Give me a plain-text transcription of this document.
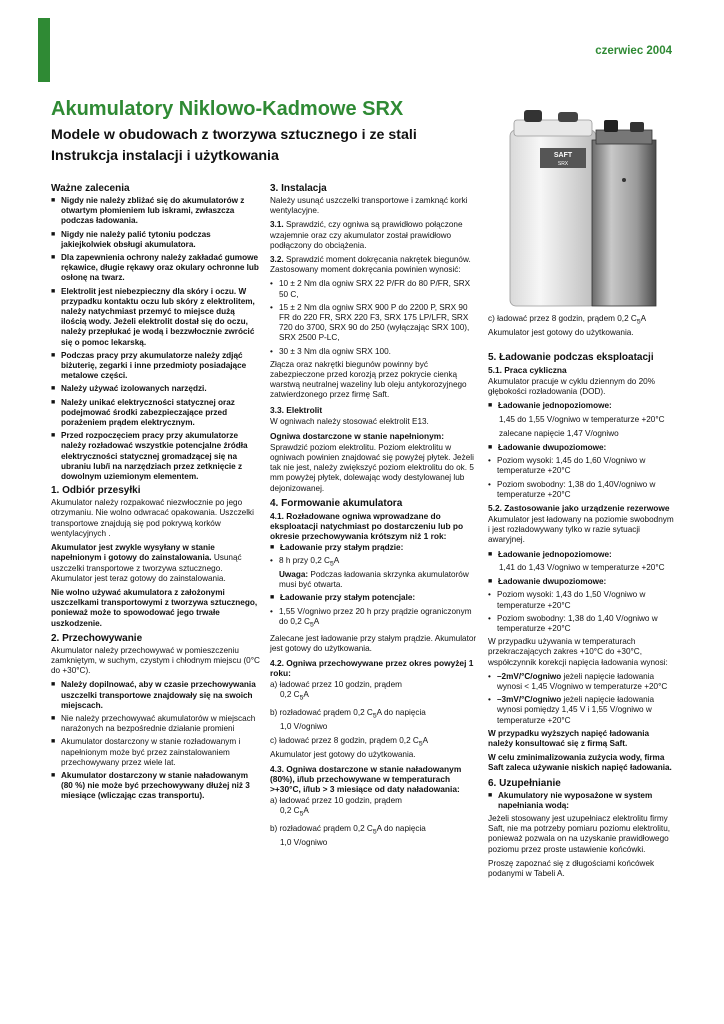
czerwiec 2004
Akumulatory Niklowo-Kadmowe SRX
Modele w obudowach z tworzywa sztucznego i ze stali
Instrukcja instalacji i użytkowania	SAFT
SRX
Ważne zalecenia
■ Nigdy nie należy zbliżać się do akumulatorów z otwartym płomieniem lub iskrami, zwłaszcza podczas ładowania.
■ Nigdy nie należy palić tytoniu podczas jakiejkolwiek obsługi akumulatora.
■ Dla zapewnienia ochrony należy zakładać gumowe rękawice, długie rękawy oraz okulary ochronne lub osłonę na twarz.
■ Elektrolit jest niebezpieczny dla skóry i oczu. W przypadku kontaktu oczu lub skóry z elektrolitem, należy natychmiast przemyć to miejsce dużą ilością wody. Jeżeli elektrolit dostał się do oczu, należy przepłukać je wodą i bezzwłocznie zwrócić się o pomoc lekarską.
■ Podczas pracy przy akumulatorze należy zdjąć biżuterię, zegarki i inne przedmioty posiadające metalowe części.
■ Należy używać izolowanych narzędzi.
■ Należy unikać elektryczności statycznej oraz podejmować środki zabezpieczające przed porażeniem prądem elektrycznym.
■ Przed rozpoczęciem pracy przy akumulatorze należy rozładować wszystkie potencjalne źródła elektryczności statycznej gromadzącej się na ubraniu lub/i na narzędziach przez zetknięcie z dowolnym uziemionym elementem.
1. Odbiór przesyłki

Akumulator należy rozpakować niezwłocznie po jego otrzymaniu. Nie wolno odwracać opakowania. Uszczelki transportowe znajdują się pod pokrywą korków wentylacyjnych .

Akumulator jest zwykle wysyłany w stanie napełnionym i gotowy do zainstalowania. Usunąć uszczelki transportowe z tworzywa sztucznego. Akumulator jest teraz gotowy do zainstalowania.

Nie wolno używać akumulatora z założonymi uszczelkami transportowymi z tworzywa sztucznego, ponieważ może to spowodować jego trwałe uszkodzenie.

2. Przechowywanie

Akumulator należy przechowywać w pomieszczeniu zamkniętym, w suchym, czystym i chłodnym miejscu (0°C do +30°C).

■ Należy dopilnować, aby w czasie przechowywania uszczelki transportowe znajdowały się na swoich miejscach.
■ Nie należy przechowywać akumulatorów w miejscach narażonych na bezpośrednie działanie promieni
■ Akumulator dostarczony w stanie rozładowanym i napełnionym może być przez zainstalowaniem przechowywany przez wiele lat.
■ Akumulator dostarczony w stanie naładowanym (80 %) nie może być przechowywany dłużej niż 3 miesiące (wliczając czas transportu).
3. Instalacja

Należy usunąć uszczelki transportowe i zamknąć korki wentylacyjne.

3.1. Sprawdzić, czy ogniwa są prawidłowo połączone wzajemnie oraz czy akumulator został prawidłowo podłączony do obciążenia.

3.2. Sprawdzić moment dokręcania nakrętek biegunów. Zastosowany moment dokręcania powinien wynosić:

• 10 ± 2 Nm dla ogniw SRX 22 P/FR do 80 P/FR, SRX 50 C,
• 15 ± 2 Nm dla ogniw SRX 900 P do 2200 P, SRX 90 FR do 220 FR, SRX 220 F3, SRX 175 LP/LFR, SRX 720 do 3700, SRX 90 do 250 (wyłączając SRX 100), SRX 2500 P-LC,
• 30 ± 3 Nm dla ogniw SRX 100.

Złącza oraz nakrętki biegunów powinny być zabezpieczone przed korozją przez pokrycie cienką warstwą neutralnej wazeliny lub oleju antykorozyjnego zatwierdzonego przez firmę Saft.

3.3. Elektrolit

W ogniwach należy stosować elektrolit E13.

Ogniwa dostarczone w stanie napełnionym:

Sprawdzić poziom elektrolitu. Poziom elektrolitu w ogniwach powinien znajdować się powyżej płytek. Jeżeli tak nie jest, należy zwiększyć poziom elektrolitu do ok. 5 mm powyżej płytek, dolewając wody destylowanej lub dejonizowanej.

4. Formowanie akumulatora
4.1. Rozładowane ogniwa wprowadzane do eksploatacji natychmiast po dostarczeniu lub po okresie przechowywania krótszym niż 1 rok:
■ Ładowanie przy stałym prądzie:
• 8 h przy 0,2 $C_5A$
Uwaga: Podczas ładowania skrzynka akumulatorów musi być otwarta.
■ Ładowanie przy stałym potencjale:
• 1,55 V/ogniwo przez 20 h przy prądzie ograniczonym do 0,2 $C_5A$

Zalecane jest ładowanie przy stałym prądzie. Akumulator jest gotowy do użytkowania.

4.2. Ogniwa przechowywane przez okres powyżej 1 roku:

a) ładować przez 10 godzin, prądem

0,2 $C_5A$

b) rozładować prądem 0,2 $C_5A$ do napięcia

1,0 V/ogniwo

c) ładować przez 8 godzin, prądem 0,2 $C_5A$

Akumulator jest gotowy do użytkowania.

4.3. Ogniwa dostarczone w stanie naładowanym (80%), i/lub przechowywane w temperaturach >+30°C, i/lub > 3 miesiące od daty naładowania:

a) ładować przez 10 godzin, prądem

0,2 $C_5A$

b) rozładować prądem 0,2 $C_5A$ do napięcia

1,0 V/ogniwo

c) ładować przez 8 godzin, prądem 0,2 $C_5A$

Akumulator jest gotowy do użytkowania.

5. Ładowanie podczas eksploatacji
5.1. Praca cykliczna

Akumulator pracuje w cyklu dziennym do 20% głębokości rozładowania (DOD).

■ Ładowanie jednopoziomowe:

1,45 do 1,55 V/ogniwo w temperaturze +20°C

zalecane napięcie 1,47 V/ogniwo

■ Ładowanie dwupoziomowe:
• Poziom wysoki: 1,45 do 1,60 V/ogniwo w temperaturze +20°C
• Poziom swobodny: 1,38 do 1,40V/ogniwo w temperaturze +20°C
5.2. Zastosowanie jako urządzenie rezerwowe

Akumulator jest ładowany na poziomie swobodnym i jest rozładowywany tylko w razie sytuacji awaryjnej.

■ Ładowanie jednopoziomowe:

1,41 do 1,43 V/ogniwo w temperaturze +20°C

■ Ładowanie dwupoziomowe:
• Poziom wysoki: 1,43 do 1,50 V/ogniwo w temperaturze +20°C
• Poziom swobodny: 1,38 do 1,40 V/ogniwo w temperaturze +20°C

W przypadku używania w temperaturach przekraczających zakres +10°C do +30°C, współczynnik korekcji napięcia ładowania wynosi:

• –2mV/°C/ogniwo jeżeli napięcie ładowania wynosi < 1,45 V/ogniwo w temperaturze +20°C
• –3mV/°C/ogniwo jeżeli napięcie ładowania wynosi pomiędzy 1,45 V i 1,55 V/ogniwo w temperaturze +20°C

W przypadku wyższych napięć ładowania należy konsultować się z firmą Saft.

W celu zminimalizowania zużycia wody, firma Saft zaleca używanie niskich napięć ładowania.

6. Uzupełnianie
■ Akumulatory nie wyposażone w system napełniania wodą:

Jeżeli stosowany jest uzupełniacz elektrolitu firmy Saft, nie ma potrzeby pomiaru poziomu elektrolitu, ponieważ pozwala on na uzyskanie prawidłowego poziomu przez proste ustawienie końcówki.

Proszę zapoznać się z długościami końcówek podanymi w Tabeli A.
